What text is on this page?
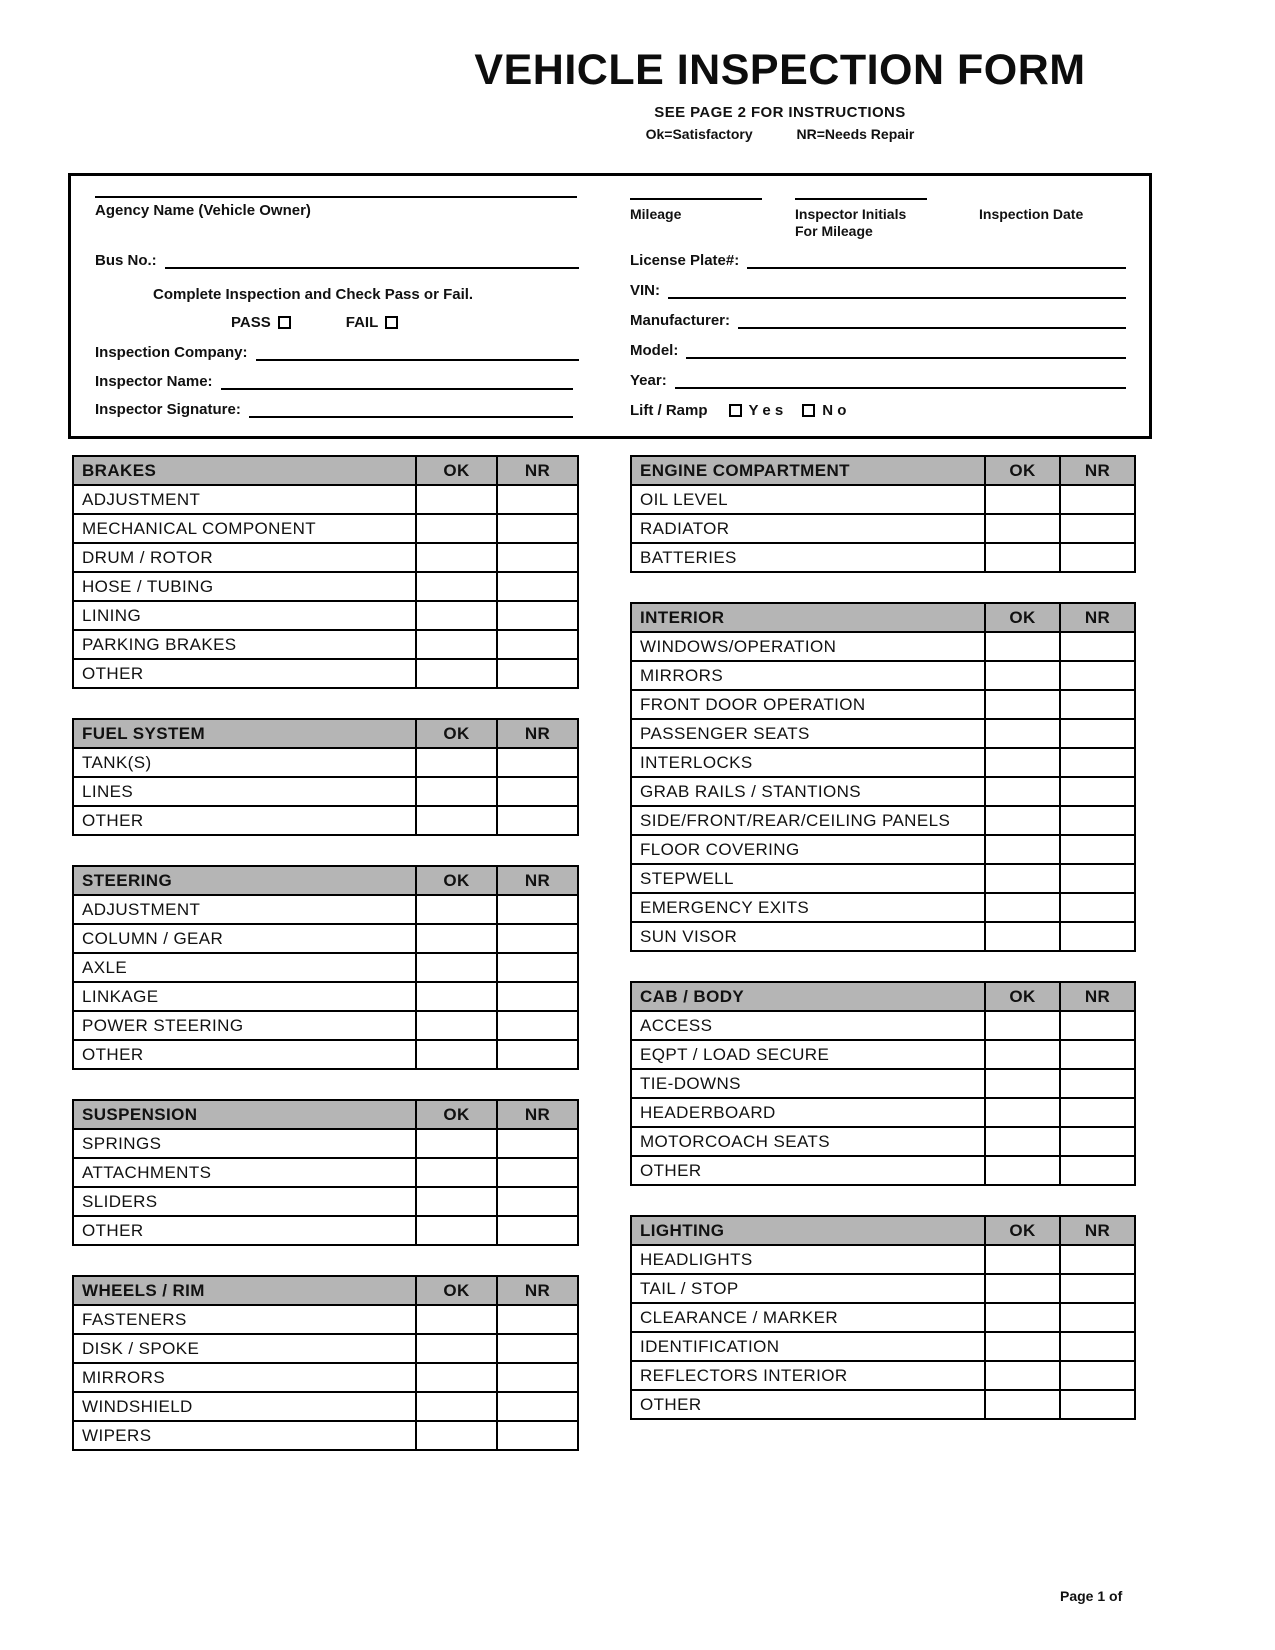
VEHICLE INSPECTION FORM
SEE PAGE 2 FOR INSTRUCTIONS
Ok=Satisfactory	NR=Needs Repair
Agency Name (Vehicle Owner)
Bus No.:
Complete Inspection and Check Pass or Fail.
PASS	FAIL
Inspection Company:
Inspector Name:
Inspector Signature:
Mileage	Inspector Initials
For Mileage
Inspection Date
License Plate#:
VIN:
Manufacturer:
Model:
Year:
Lift / Ramp	Y e s	N o
BRAKES	OK	NR
ADJUSTMENT		
MECHANICAL COMPONENT		
DRUM / ROTOR		
HOSE / TUBING		
LINING		
PARKING BRAKES		
OTHER		
FUEL SYSTEM	OK	NR
TANK(S)		
LINES		
OTHER		
STEERING	OK	NR
ADJUSTMENT		
COLUMN / GEAR		
AXLE		
LINKAGE		
POWER STEERING		
OTHER		
SUSPENSION	OK	NR
SPRINGS		
ATTACHMENTS		
SLIDERS		
OTHER		
WHEELS / RIM	OK	NR
FASTENERS		
DISK / SPOKE		
MIRRORS		
WINDSHIELD		
WIPERS		
ENGINE COMPARTMENT	OK	NR
OIL LEVEL		
RADIATOR		
BATTERIES		
INTERIOR	OK	NR
WINDOWS/OPERATION		
MIRRORS		
FRONT DOOR OPERATION		
PASSENGER SEATS		
INTERLOCKS		
GRAB RAILS / STANTIONS		
SIDE/FRONT/REAR/CEILING PANELS		
FLOOR COVERING		
STEPWELL		
EMERGENCY EXITS		
SUN VISOR		
CAB / BODY	OK	NR
ACCESS		
EQPT / LOAD SECURE		
TIE-DOWNS		
HEADERBOARD		
MOTORCOACH SEATS		
OTHER		
LIGHTING	OK	NR
HEADLIGHTS		
TAIL / STOP		
CLEARANCE / MARKER		
IDENTIFICATION		
REFLECTORS INTERIOR		
OTHER		
Page 1 of
